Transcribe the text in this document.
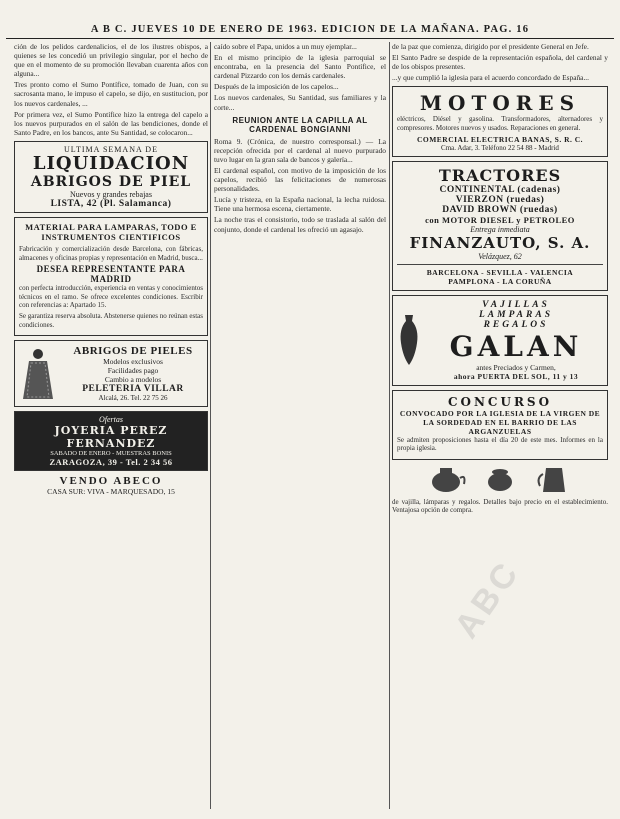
A B C. JUEVES 10 DE ENERO DE 1963. EDICION DE LA MAÑANA. PAG. 16

ción de los pelidos cardenalicios, el de los ilustres obispos, a quienes se les concedió un privilegio singular, por el hecho de que en el momento de su promoción llevaban cuarenta años con alguna...

Tres pronto como el Sumo Pontífice, tomado de Juan, con su sacrosanta mano, le impuso el capelo, se dijo, en sustitucion, por los nuevos cardenales, ...

Por primera vez, el Sumo Pontífice hizo la entrega del capelo a los nuevos purpurados en el salón de las bendiciones, donde el Santo Padre, en los bancos, ante Su Santidad, se colocaron...

ULTIMA SEMANA DE
LIQUIDACION
ABRIGOS DE PIEL
Nuevos y grandes rebajas
LISTA, 42 (Pl. Salamanca)
MATERIAL PARA LAMPARAS, TODO E INSTRUMENTOS CIENTIFICOS

Fabricación y comercialización desde Barcelona, con fábricas, almacenes y oficinas propias y representación en Madrid, busca...

DESEA REPRESENTANTE PARA MADRID

con perfecta introducción, experiencia en ventas y conocimientos técnicos en el ramo. Se ofrece excelentes condiciones. Escribir con referencias a: Apartado 15.

Se garantiza reserva absoluta. Abstenerse quienes no reúnan estas condiciones.

ABRIGOS DE PIELES
Modelos exclusivos
Facilidades pago
Cambio a modelos
PELETERIA VILLAR
Alcalá, 26. Tel. 22 75 26
Ofertas
JOYERIA PEREZ FERNANDEZ
SABADO DE ENERO - MUESTRAS BONIS
ZARAGOZA, 39 - Tel. 2 34 56
VENDO ABECO
CASA SUR: VIVA - MARQUESADO, 15

caído sobre el Papa, unidos a un muy ejemplar...

En el mismo principio de la iglesia parroquial se encontraba, en la presencia del Santo Pontífice, el cardenal Pizzardo con los demás cardenales.

Después de la imposición de los capelos...

Los nuevos cardenales, Su Santidad, sus familiares y la corte...

REUNION ANTE LA CAPILLA AL CARDENAL BONGIANNI

Roma 9. (Crónica, de nuestro corresponsal.) — La recepción ofrecida por el cardenal al nuevo purpurado tuvo lugar en la gran sala de bancos y galería...

El cardenal español, con motivo de la imposición de los capelos, recibió las felicitaciones de numerosas personalidades.

Lucía y tristeza, en la España nacional, la lecha ruidosa. Tiene una hermosa escena, ciertamente.

La noche tras el consistorio, todo se traslada al salón del conjunto, donde el cardenal les ofreció un agasajo.

de la paz que comienza, dirigido por el presidente General en Jefe.

El Santo Padre se despide de la representación española, del cardenal y de los obispos presentes.

...y que cumplió la iglesia para el acuerdo concordado de España...

MOTORES

eléctricos, Diésel y gasolina. Transformadores, alternadores y compresores. Motores nuevos y usados. Reparaciones en general.

COMERCIAL ELECTRICA BANAS, S. R. C.
Cma. Adar, 3. Teléfono 22 54 88 - Madrid
TRACTORES
CONTINENTAL (cadenas)
VIERZON (ruedas)
DAVID BROWN (ruedas)
con MOTOR DIESEL y PETROLEO
Entrega inmediata
FINANZAUTO, S. A.
Velázquez, 62
BARCELONA - SEVILLA - VALENCIA
PAMPLONA - LA CORUÑA
VAJILLAS
LAMPARAS
REGALOS
GALAN
antes Preciados y Carmen,
ahora PUERTA DEL SOL, 11 y 13
CONCURSO
CONVOCADO POR LA IGLESIA DE LA VIRGEN DE LA SORDEDAD EN EL BARRIO DE LAS ARGANZUELAS

Se admiten proposiciones hasta el día 20 de este mes. Informes en la propia iglesia.

de vajilla, lámparas y regalos. Detalles bajo precio en el establecimiento. Ventajosa opción de compra.

ABC
